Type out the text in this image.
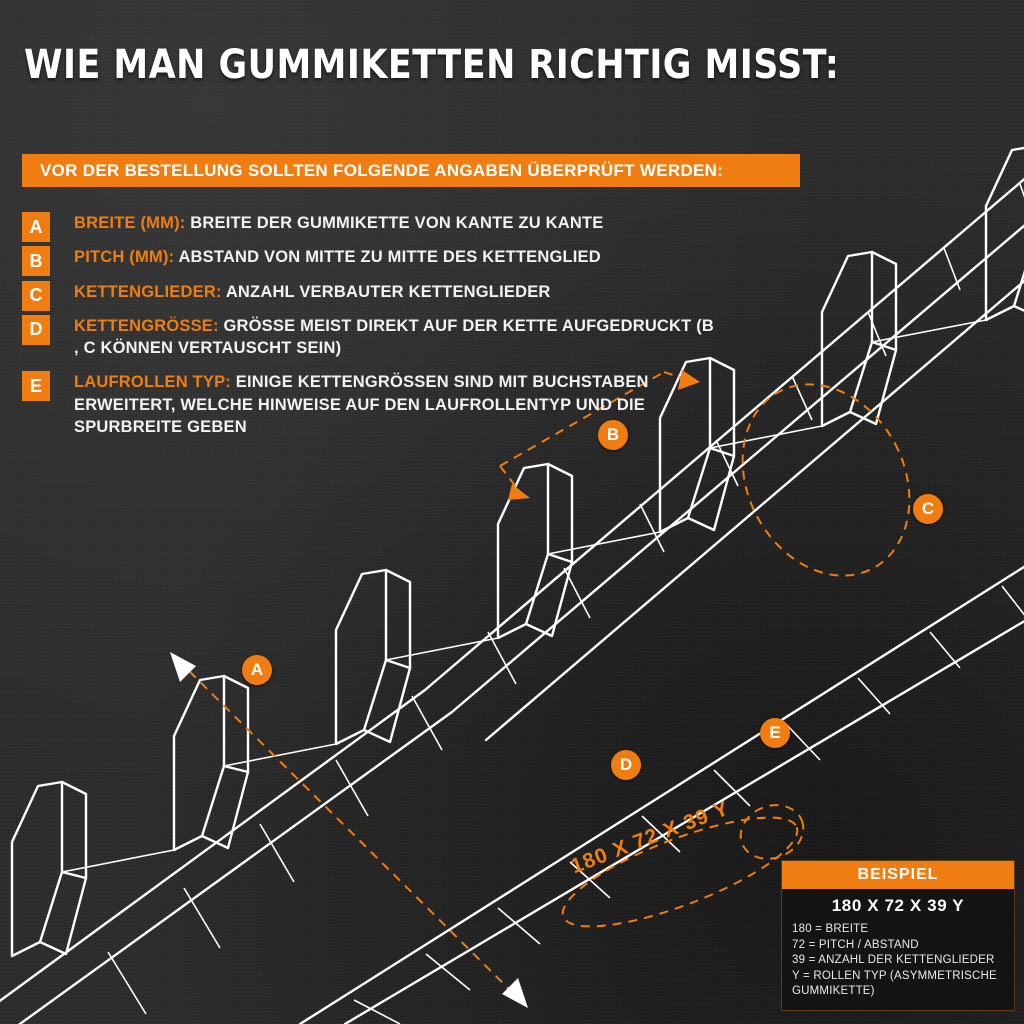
WIE MAN GUMMIKETTEN RICHTIG MISST:
VOR DER BESTELLUNG SOLLTEN FOLGENDE ANGABEN ÜBERPRÜFT WERDEN:
A	BREITE (MM): BREITE DER GUMMIKETTE VON KANTE ZU KANTE
B	PITCH (MM): ABSTAND VON MITTE ZU MITTE DES KETTENGLIED
C	KETTENGLIEDER: ANZAHL VERBAUTER KETTENGLIEDER
D	KETTENGRÖSSE: GRÖSSE MEIST DIREKT AUF DER KETTE AUFGEDRUCKT (B , C KÖNNEN VERTAUSCHT SEIN)
E	LAUFROLLEN TYP: EINIGE KETTENGRÖSSEN SIND MIT BUCHSTABEN ERWEITERT, WELCHE HINWEISE AUF DEN LAUFROLLENTYP UND DIE SPURBREITE GEBEN
A
B
C
D
E
180 X 72 X 39 Y	BEISPIEL
180 X 72 X 39 Y
180 = BREITE
72 = PITCH / ABSTAND
39 = ANZAHL DER KETTENGLIEDER
Y = ROLLEN TYP (ASYMMETRISCHE GUMMIKETTE)
